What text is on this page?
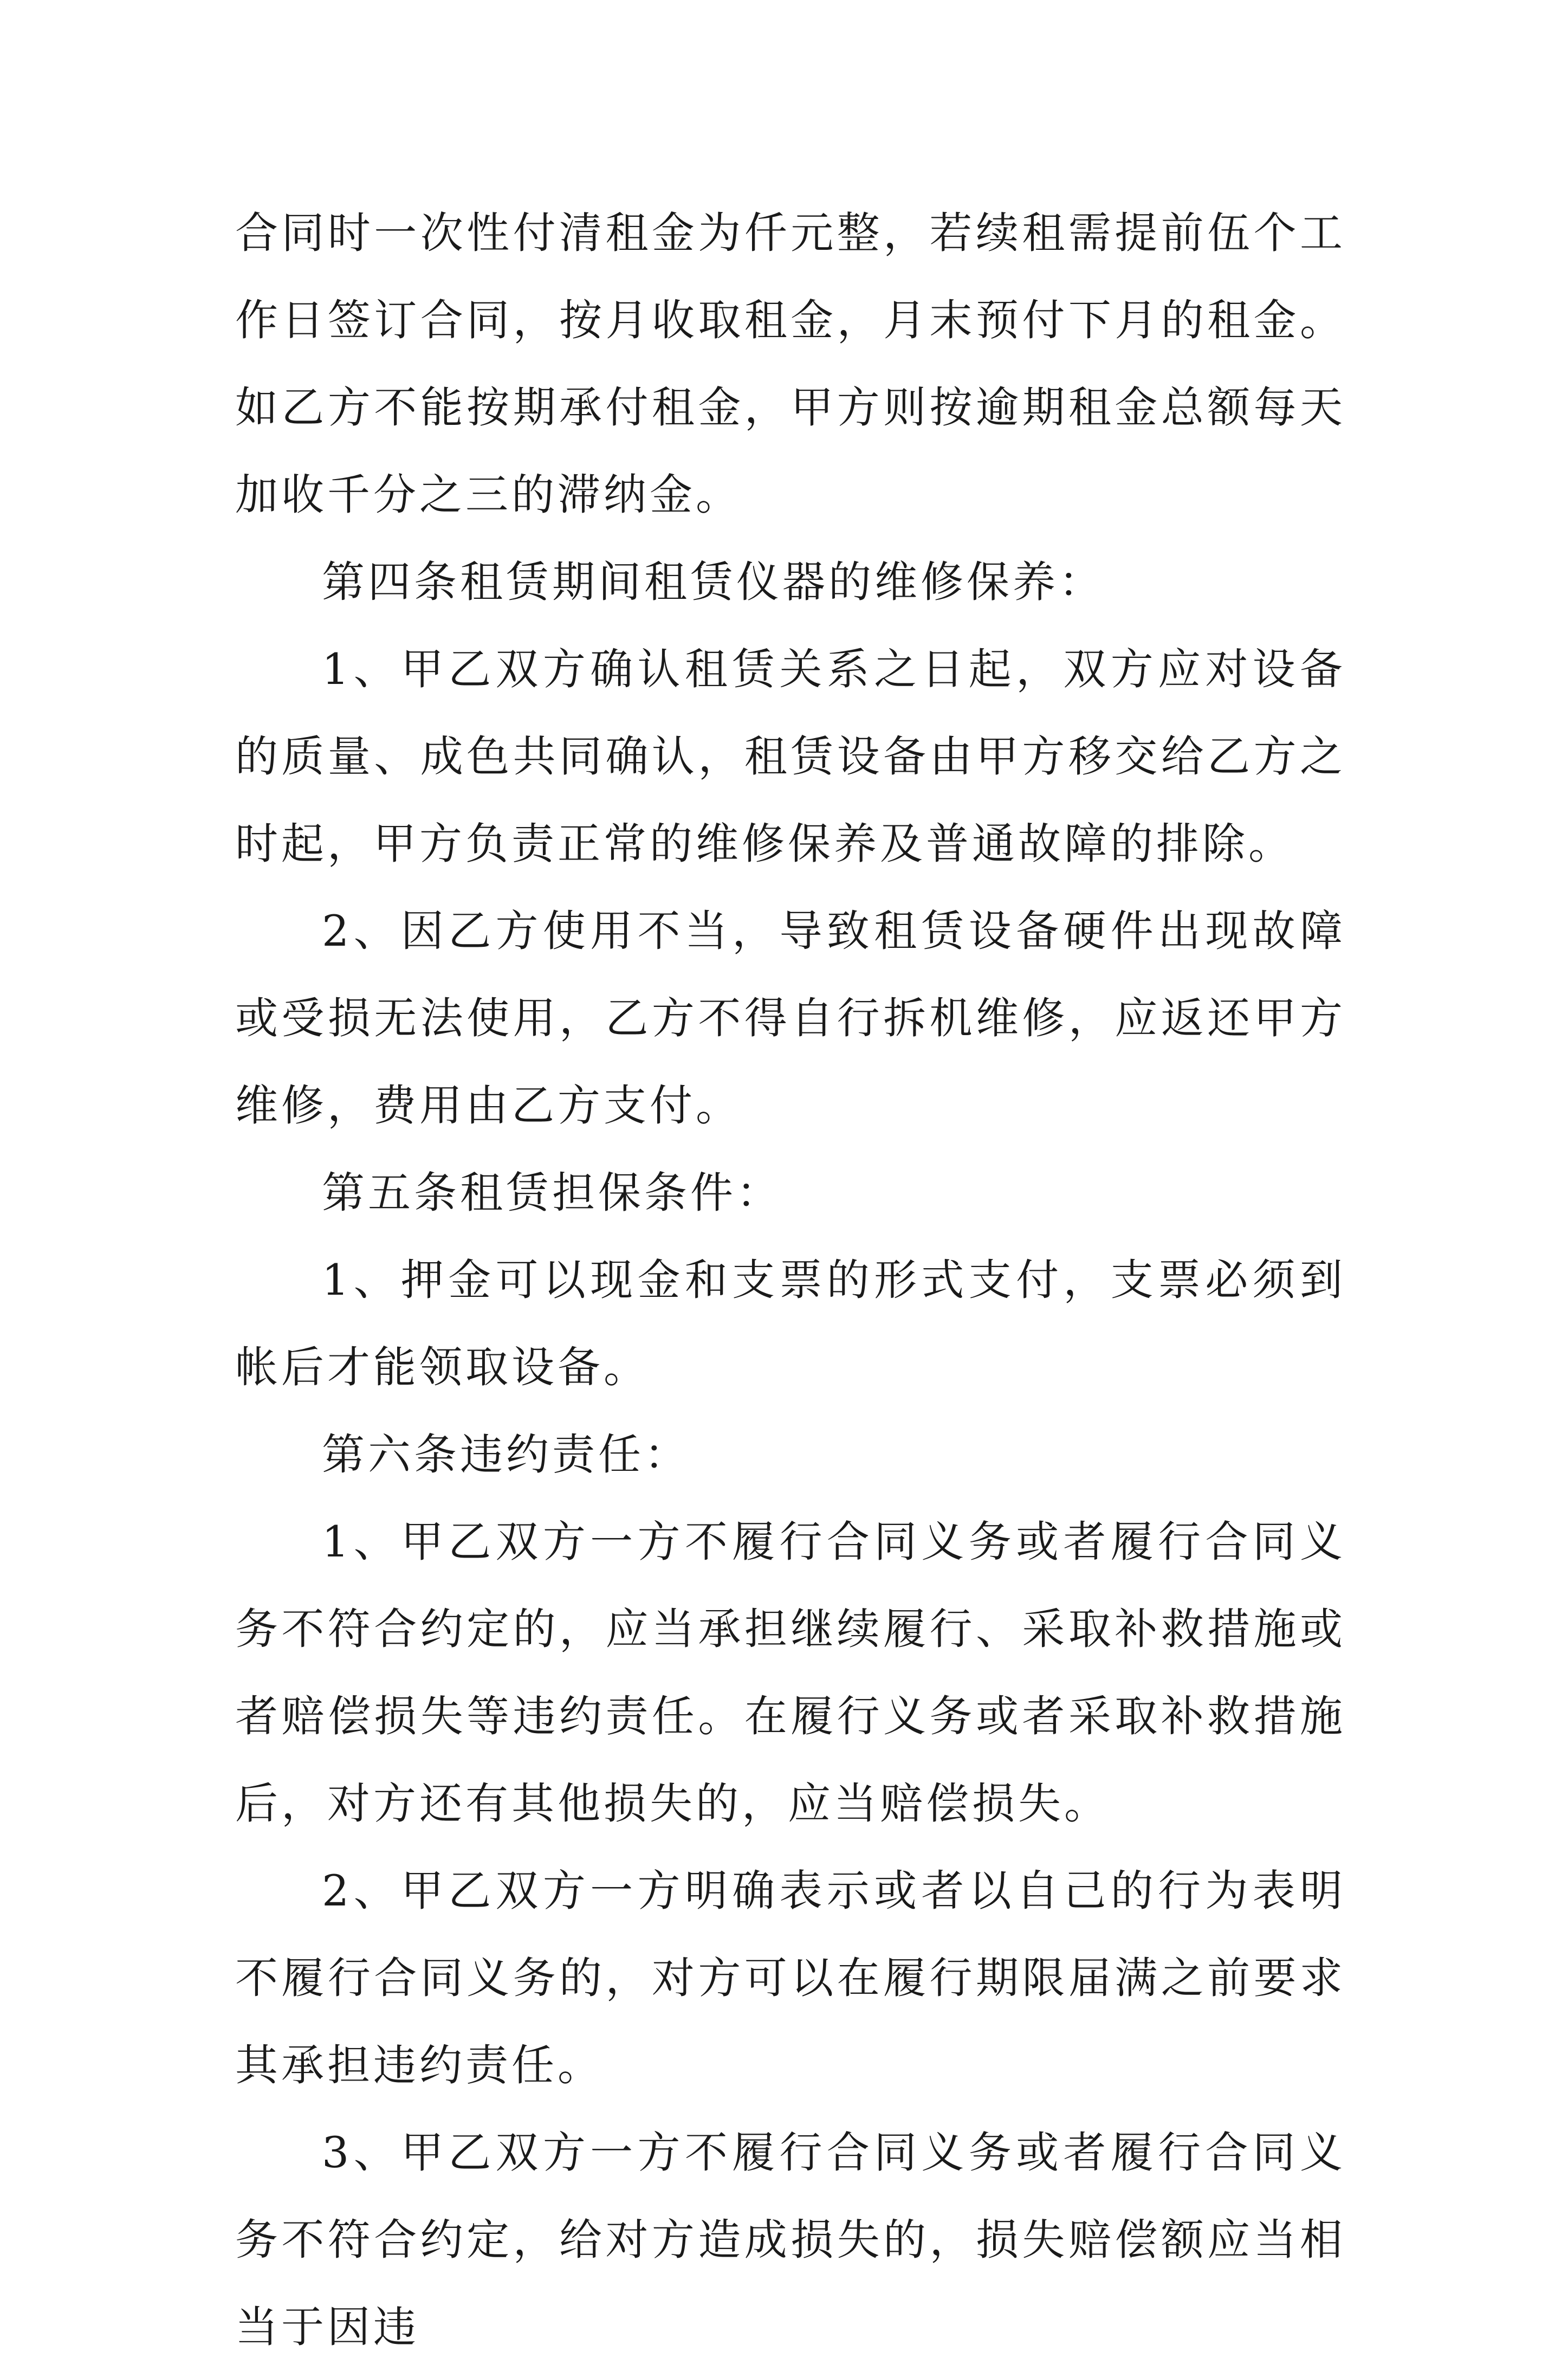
合同时一次性付清租金为仟元整，若续租需提前伍个工作日签订合同，按月收取租金，月末预付下月的租金。如乙方不能按期承付租金，甲方则按逾期租金总额每天加收千分之三的滞纳金。

第四条租赁期间租赁仪器的维修保养：

1、甲乙双方确认租赁关系之日起，双方应对设备的质量、成色共同确认，租赁设备由甲方移交给乙方之时起，甲方负责正常的维修保养及普通故障的排除。

2、因乙方使用不当，导致租赁设备硬件出现故障或受损无法使用，乙方不得自行拆机维修，应返还甲方维修，费用由乙方支付。

第五条租赁担保条件：

1、押金可以现金和支票的形式支付，支票必须到帐后才能领取设备。

第六条违约责任：

1、甲乙双方一方不履行合同义务或者履行合同义务不符合约定的，应当承担继续履行、采取补救措施或者赔偿损失等违约责任。在履行义务或者采取补救措施后，对方还有其他损失的，应当赔偿损失。

2、甲乙双方一方明确表示或者以自己的行为表明不履行合同义务的，对方可以在履行期限届满之前要求其承担违约责任。

3、甲乙双方一方不履行合同义务或者履行合同义务不符合约定，给对方造成损失的，损失赔偿额应当相当于因违
